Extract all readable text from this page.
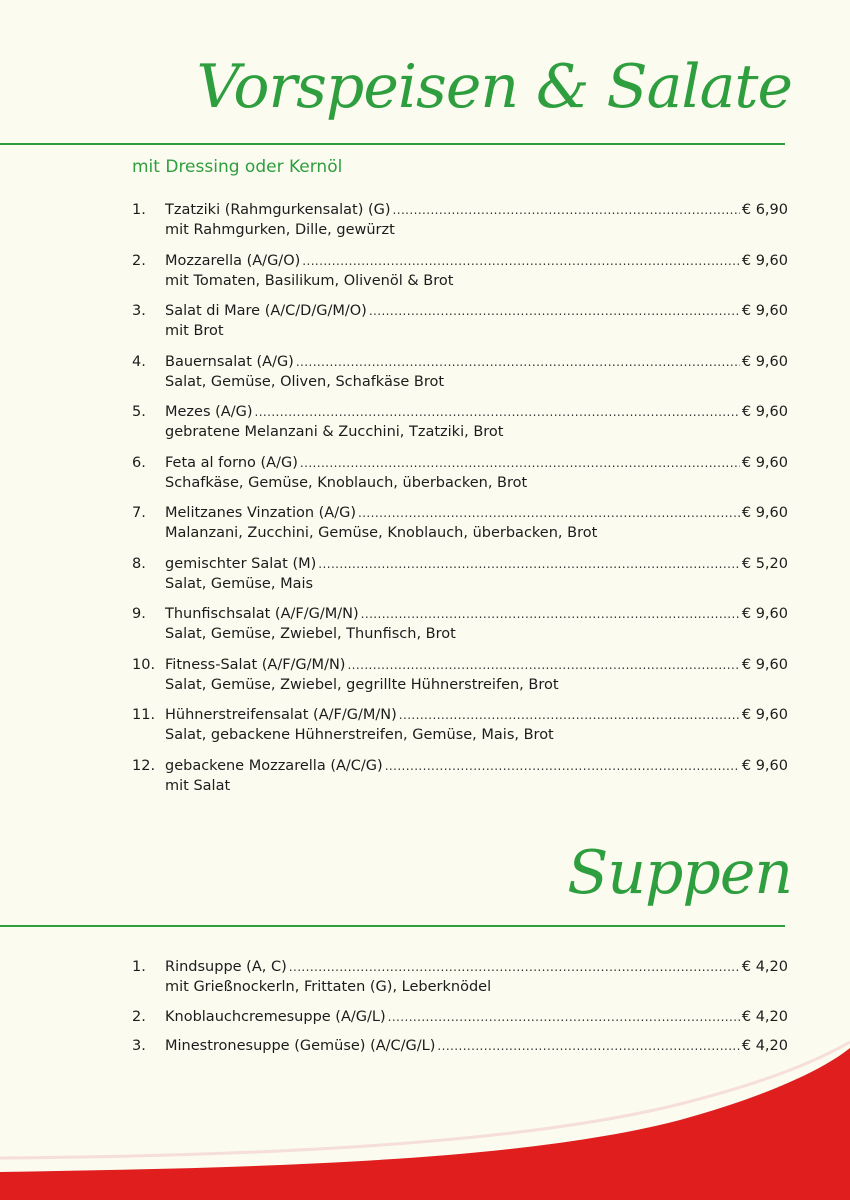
Vorspeisen & Salate
mit Dressing oder Kernöl
1.	Tzatziki (Rahmgurkensalat) (G) .....	€ 6,90
mit Rahmgurken, Dille, gewürzt
2.	Mozzarella (A/G/O) .....	€ 9,60
mit Tomaten, Basilikum, Olivenöl & Brot
3.	Salat di Mare (A/C/D/G/M/O) .....	€ 9,60
mit Brot
4.	Bauernsalat (A/G) .....	€ 9,60
Salat, Gemüse, Oliven, Schafkäse Brot
5.	Mezes (A/G) .....	€ 9,60
gebratene Melanzani & Zucchini, Tzatziki, Brot
6.	Feta al forno (A/G) .....	€ 9,60
Schafkäse, Gemüse, Knoblauch, überbacken, Brot
7.	Melitzanes Vinzation (A/G) .....	€ 9,60
Malanzani, Zucchini, Gemüse, Knoblauch, überbacken, Brot
8.	gemischter Salat (M) .....	€ 5,20
Salat, Gemüse, Mais
9.	Thunfischsalat (A/F/G/M/N) .....	€ 9,60
Salat, Gemüse, Zwiebel, Thunfisch, Brot
10. Fitness-Salat (A/F/G/M/N) .....	€ 9,60
Salat, Gemüse, Zwiebel, gegrillte Hühnerstreifen, Brot
11. Hühnerstreifensalat (A/F/G/M/N) .....	€ 9,60
Salat, gebackene Hühnerstreifen, Gemüse, Mais, Brot
12. gebackene Mozzarella (A/C/G) .....	€ 9,60
mit Salat
Suppen
1.	Rindsuppe (A, C) .....	€ 4,20
mit Grießnockerln, Frittaten (G), Leberknödel
2.	Knoblauchcremesuppe (A/G/L) .....	€ 4,20
3.	Minestronesuppe (Gemüse) (A/C/G/L) .....	€ 4,20
